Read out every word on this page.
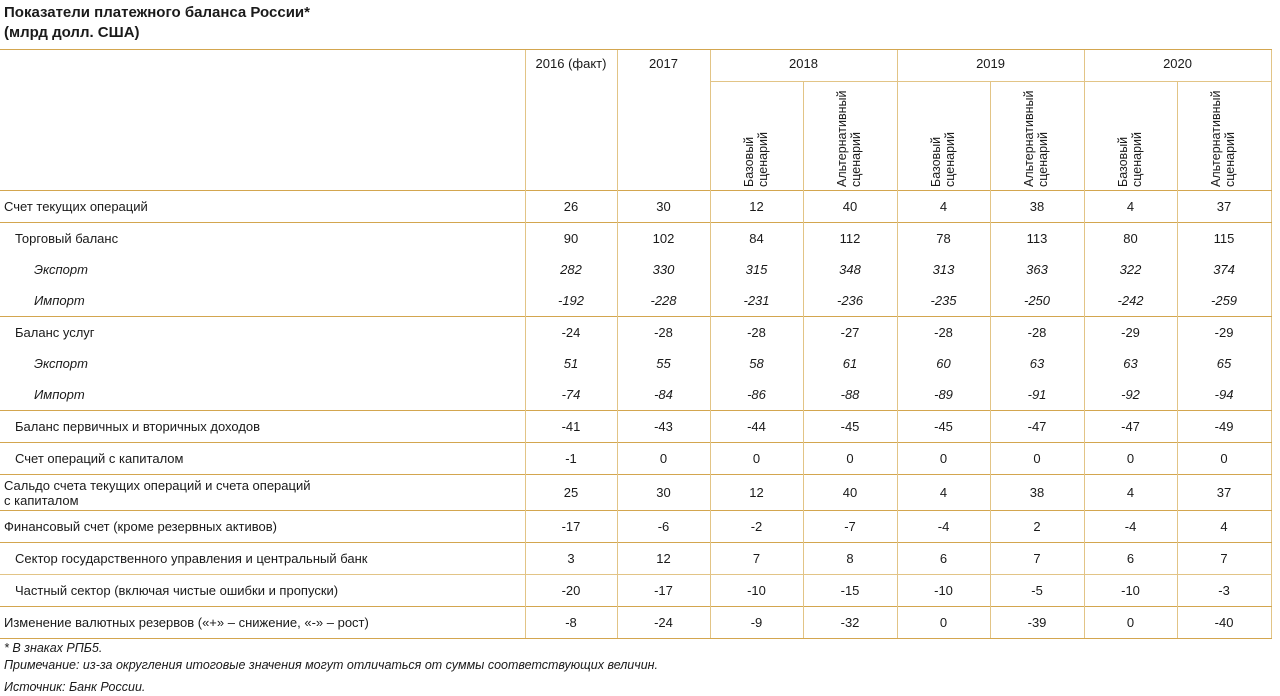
Показатели платежного баланса России*
(млрд долл. США)
	2016 (факт)	2017	2018		2019		2020	

			Базовый сценарий	Альтернативный сценарий	Базовый сценарий	Альтернативный сценарий	Базовый сценарий	Альтернативный сценарий

Счет текущих операций	26	30	12	40	4	38	4	37

Торговый баланс	90	102	84	112	78	113	80	115

Экспорт	282	330	315	348	313	363	322	374

Импорт	-192	-228	-231	-236	-235	-250	-242	-259

Баланс услуг	-24	-28	-28	-27	-28	-28	-29	-29

Экспорт	51	55	58	61	60	63	63	65

Импорт	-74	-84	-86	-88	-89	-91	-92	-94

Баланс первичных и вторичных доходов	-41	-43	-44	-45	-45	-47	-47	-49

Счет операций с капиталом	-1	0	0	0	0	0	0	0

Сальдо счета текущих операций и счета операций
с капиталом	25	30	12	40	4	38	4	37

Финансовый счет (кроме резервных активов)	-17	-6	-2	-7	-4	2	-4	4

Сектор государственного управления и центральный банк	3	12	7	8	6	7	6	7

Частный сектор (включая чистые ошибки и пропуски)	-20	-17	-10	-15	-10	-5	-10	-3

Изменение валютных резервов («+» – снижение, «-» – рост)	-8	-24	-9	-32	0	-39	0	-40
* В знаках РПБ5.
Примечание: из-за округления итоговые значения могут отличаться от суммы соответствующих величин.
Источник: Банк России.
